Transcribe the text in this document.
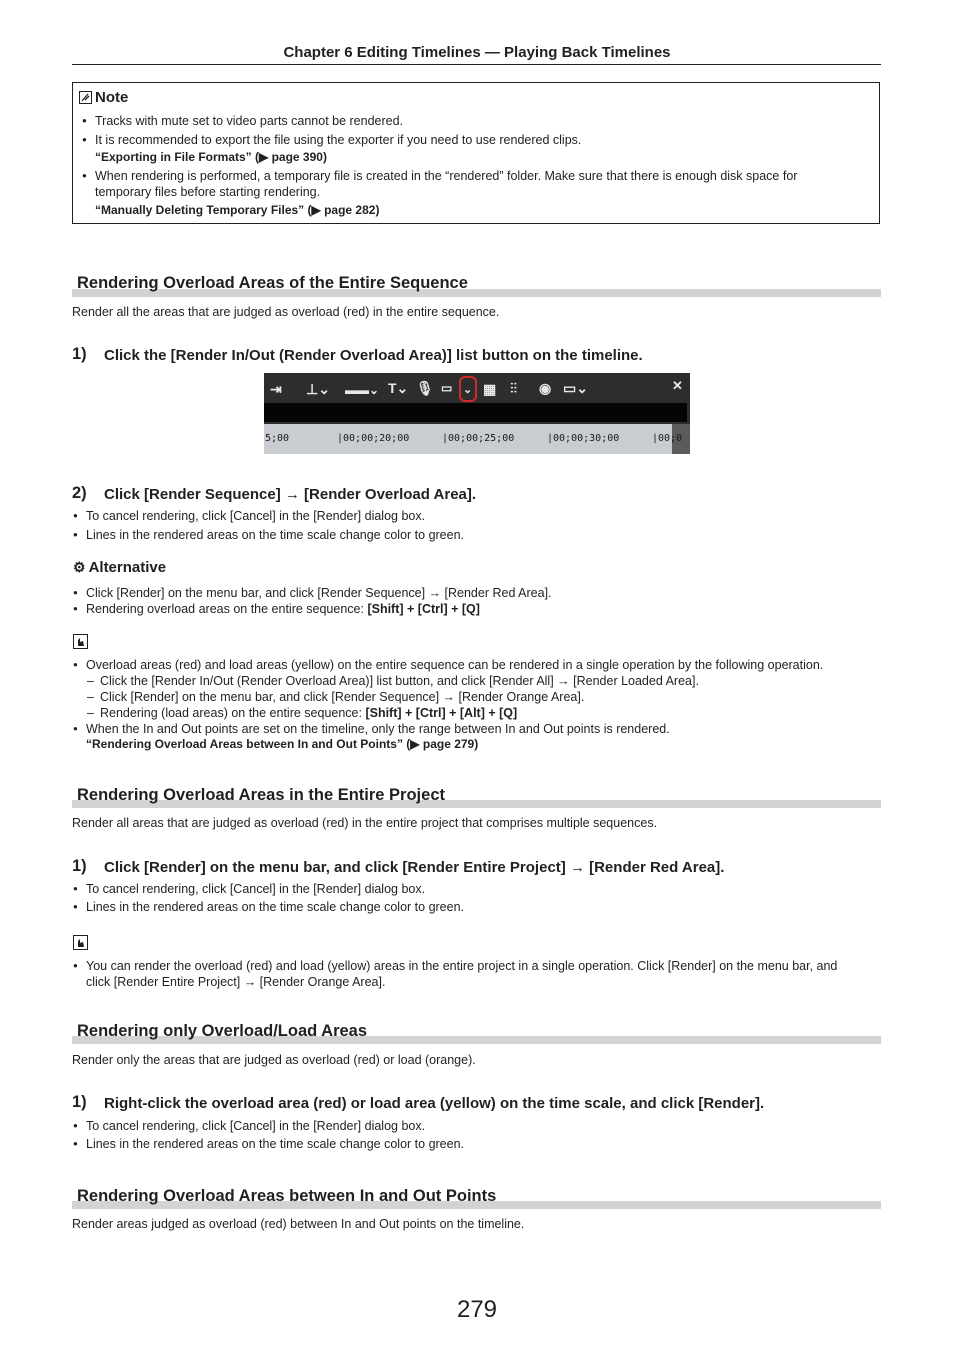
Chapter 6 Editing Timelines — Playing Back Timelines
Note
● Tracks with mute set to video parts cannot be rendered.
● It is recommended to export the file using the exporter if you need to use rendered clips.
“Exporting in File Formats” (▶ page 390)
● When rendering is performed, a temporary file is created in the “rendered” folder. Make sure that there is enough disk space for
temporary files before starting rendering.
“Manually Deleting Temporary Files” (▶ page 282)
Rendering Overload Areas of the Entire Sequence
Render all the areas that are judged as overload (red) in the entire sequence.
1) Click the [Render In/Out (Render Overload Area)] list button on the timeline.
⇥ ⊥⌄ ▬▬⌄ T⌄ 🎙 ▭ ⌄ ▦ ⫶⫶ ◉ ▭⌄	✕
5;00	|00;00;20;00	|00;00;25;00	|00;00;30;00	|00;0
2) Click [Render Sequence] → [Render Overload Area].
● To cancel rendering, click [Cancel] in the [Render] dialog box.
● Lines in the rendered areas on the time scale change color to green.
⚙ Alternative
● Click [Render] on the menu bar, and click [Render Sequence] → [Render Red Area].
● Rendering overload areas on the entire sequence: [Shift] + [Ctrl] + [Q]
● Overload areas (red) and load areas (yellow) on the entire sequence can be rendered in a single operation by the following operation.
– Click the [Render In/Out (Render Overload Area)] list button, and click [Render All] → [Render Loaded Area].
– Click [Render] on the menu bar, and click [Render Sequence] → [Render Orange Area].
– Rendering (load areas) on the entire sequence: [Shift] + [Ctrl] + [Alt] + [Q]
● When the In and Out points are set on the timeline, only the range between In and Out points is rendered.
“Rendering Overload Areas between In and Out Points” (▶ page 279)
Rendering Overload Areas in the Entire Project
Render all areas that are judged as overload (red) in the entire project that comprises multiple sequences.
1) Click [Render] on the menu bar, and click [Render Entire Project] → [Render Red Area].
● To cancel rendering, click [Cancel] in the [Render] dialog box.
● Lines in the rendered areas on the time scale change color to green.
● You can render the overload (red) and load (yellow) areas in the entire project in a single operation. Click [Render] on the menu bar, and
click [Render Entire Project] → [Render Orange Area].
Rendering only Overload/Load Areas
Render only the areas that are judged as overload (red) or load (orange).
1) Right-click the overload area (red) or load area (yellow) on the time scale, and click [Render].
● To cancel rendering, click [Cancel] in the [Render] dialog box.
● Lines in the rendered areas on the time scale change color to green.
Rendering Overload Areas between In and Out Points
Render areas judged as overload (red) between In and Out points on the timeline.
279
